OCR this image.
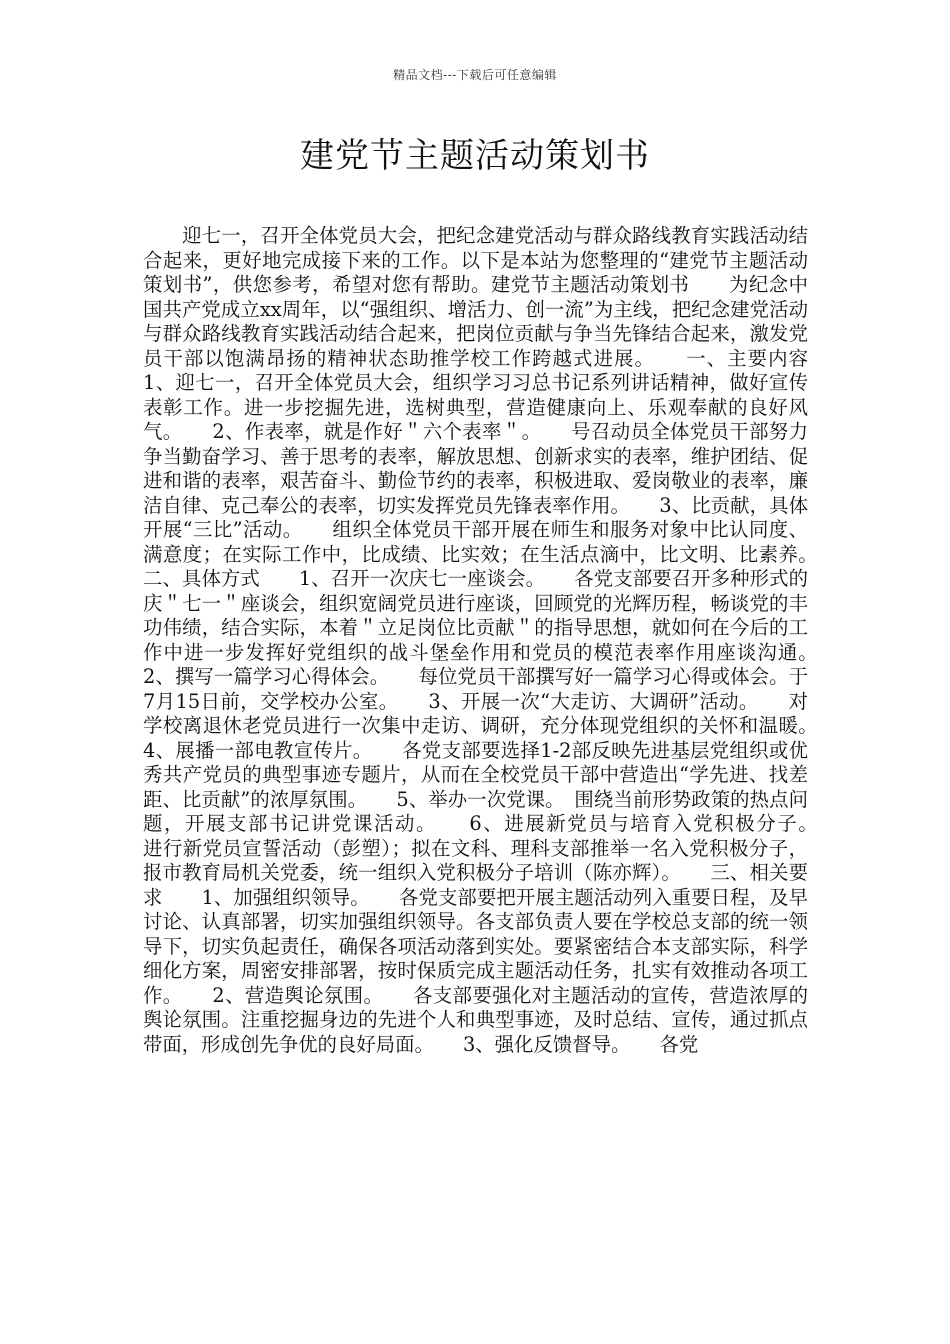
精品文档---下载后可任意编辑
建党节主题活动策划书

　　迎七一，召开全体党员大会，把纪念建党活动与群众路线教育实践活动结合起来，更好地完成接下来的工作。以下是本站为您整理的“建党节主题活动策划书”，供您参考，希望对您有帮助。建党节主题活动策划书　　为纪念中国共产党成立xx周年，以“强组织、增活力、创一流”为主线，把纪念建党活动与群众路线教育实践活动结合起来，把岗位贡献与争当先锋结合起来，激发党员干部以饱满昂扬的精神状态助推学校工作跨越式进展。　　一、主要内容　　1、迎七一，召开全体党员大会，组织学习习总书记系列讲话精神，做好宣传表彰工作。进一步挖掘先进，选树典型，营造健康向上、乐观奉献的良好风气。　　2、作表率，就是作好＂六个表率＂。　　号召动员全体党员干部努力争当勤奋学习、善于思考的表率，解放思想、创新求实的表率，维护团结、促进和谐的表率，艰苦奋斗、勤俭节约的表率，积极进取、爱岗敬业的表率，廉洁自律、克己奉公的表率，切实发挥党员先锋表率作用。　　3、比贡献，具体开展“三比”活动。　　组织全体党员干部开展在师生和服务对象中比认同度、满意度；在实际工作中，比成绩、比实效；在生活点滴中，比文明、比素养。　　二、具体方式　　1、召开一次庆七一座谈会。　　各党支部要召开多种形式的庆＂七一＂座谈会，组织宽阔党员进行座谈，回顾党的光辉历程，畅谈党的丰功伟绩，结合实际，本着＂立足岗位比贡献＂的指导思想，就如何在今后的工作中进一步发挥好党组织的战斗堡垒作用和党员的模范表率作用座谈沟通。　　2、撰写一篇学习心得体会。　　每位党员干部撰写好一篇学习心得或体会。于7月15日前，交学校办公室。　　3、开展一次“大走访、大调研”活动。　　对学校离退休老党员进行一次集中走访、调研，充分体现党组织的关怀和温暖。　　4、展播一部电教宣传片。　　各党支部要选择1-2部反映先进基层党组织或优秀共产党员的典型事迹专题片，从而在全校党员干部中营造出“学先进、找差距、比贡献”的浓厚氛围。　　5、举办一次党课。　围绕当前形势政策的热点问题，开展支部书记讲党课活动。　　6、进展新党员与培育入党积极分子。　　进行新党员宣誓活动（彭塑）；拟在文科、理科支部推举一名入党积极分子，报市教育局机关党委，统一组织入党积极分子培训（陈亦辉）。　　三、相关要求　　1、加强组织领导。　　各党支部要把开展主题活动列入重要日程，及早讨论、认真部署，切实加强组织领导。各支部负责人要在学校总支部的统一领导下，切实负起责任，确保各项活动落到实处。要紧密结合本支部实际，科学细化方案，周密安排部署，按时保质完成主题活动任务，扎实有效推动各项工作。　　2、营造舆论氛围。　　各支部要强化对主题活动的宣传，营造浓厚的舆论氛围。注重挖掘身边的先进个人和典型事迹，及时总结、宣传，通过抓点带面，形成创先争优的良好局面。　　3、强化反馈督导。　　各党
